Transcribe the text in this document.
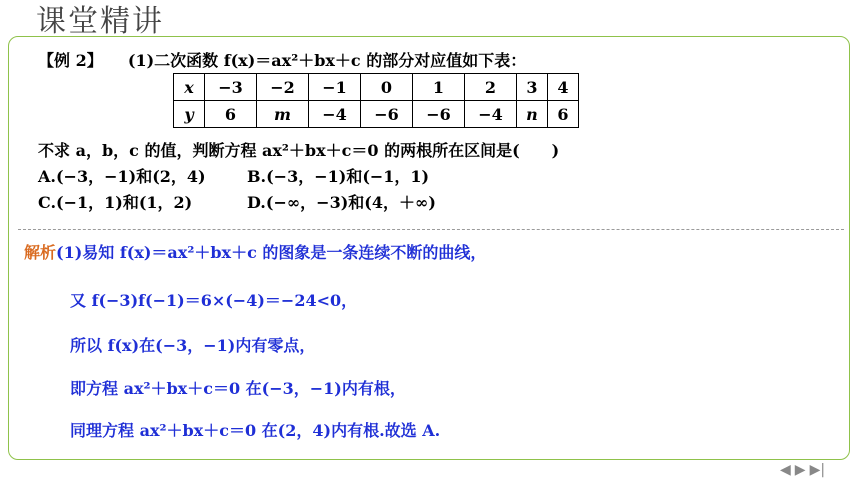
课堂精讲
【例 2】 (1)二次函数 f(x)＝ax²＋bx＋c 的部分对应值如下表：
x	−3	−2	−1	0	1	2	3	4
y	6	m	−4	−6	−6	−4	n	6
不求 a，b，c 的值，判断方程 ax²＋bx＋c＝0 的两根所在区间是(　　)
A.(−3，−1)和(2，4)	B.(−3，−1)和(−1，1)
C.(−1，1)和(1，2)	D.(−∞，−3)和(4，＋∞)
解析(1)易知 f(x)＝ax²＋bx＋c 的图象是一条连续不断的曲线，
又 f(−3)f(−1)＝6×(−4)＝−24<0，
所以 f(x)在(−3，−1)内有零点，
即方程 ax²＋bx＋c＝0 在(−3，−1)内有根，
同理方程 ax²＋bx＋c＝0 在(2，4)内有根.故选 A.
◀ ▶ ▶|
